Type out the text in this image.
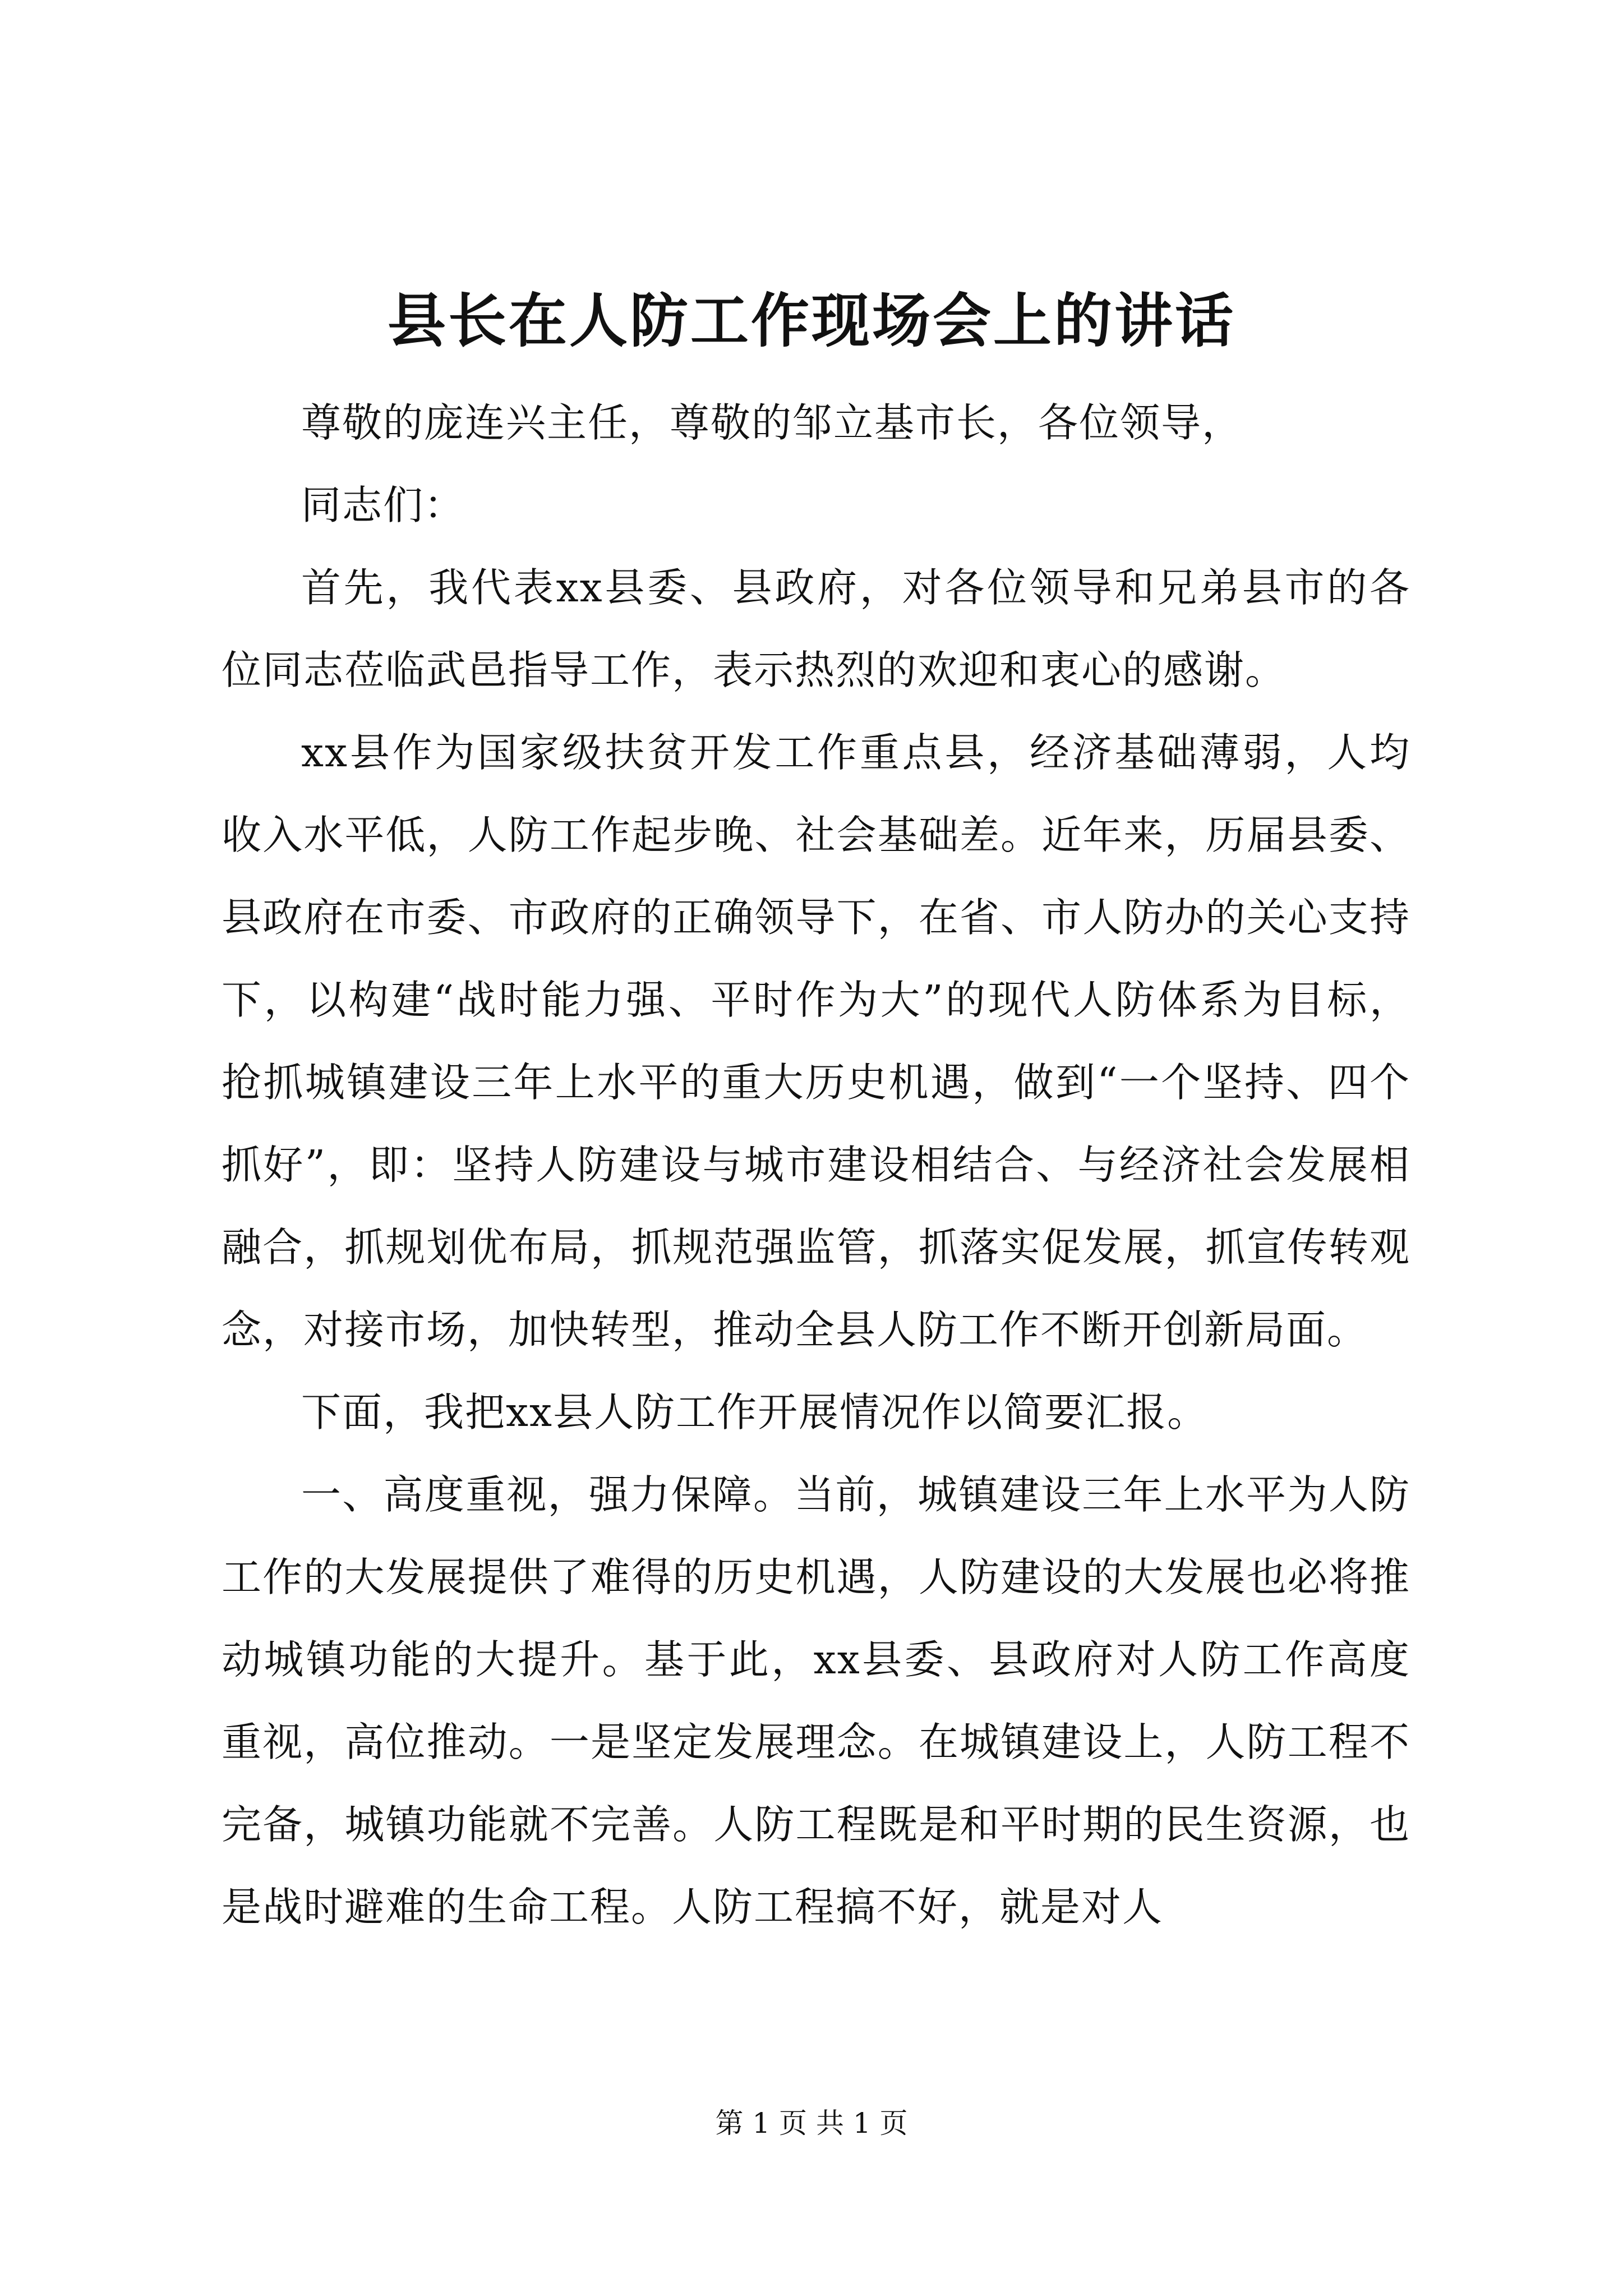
县长在人防工作现场会上的讲话

尊敬的庞连兴主任，尊敬的邹立基市长，各位领导，

同志们：

首先，我代表xx县委、县政府，对各位领导和兄弟县市的各位同志莅临武邑指导工作，表示热烈的欢迎和衷心的感谢。

xx县作为国家级扶贫开发工作重点县，经济基础薄弱，人均收入水平低，人防工作起步晚、社会基础差。近年来，历届县委、县政府在市委、市政府的正确领导下，在省、市人防办的关心支持下，以构建“战时能力强、平时作为大”的现代人防体系为目标，抢抓城镇建设三年上水平的重大历史机遇，做到“一个坚持、四个抓好”，即：坚持人防建设与城市建设相结合、与经济社会发展相融合，抓规划优布局，抓规范强监管，抓落实促发展，抓宣传转观念，对接市场，加快转型，推动全县人防工作不断开创新局面。

下面，我把xx县人防工作开展情况作以简要汇报。

一、高度重视，强力保障。当前，城镇建设三年上水平为人防工作的大发展提供了难得的历史机遇，人防建设的大发展也必将推动城镇功能的大提升。基于此，xx县委、县政府对人防工作高度重视，高位推动。一是坚定发展理念。在城镇建设上，人防工程不完备，城镇功能就不完善。人防工程既是和平时期的民生资源，也是战时避难的生命工程。人防工程搞不好，就是对人

第 1 页 共 1 页
